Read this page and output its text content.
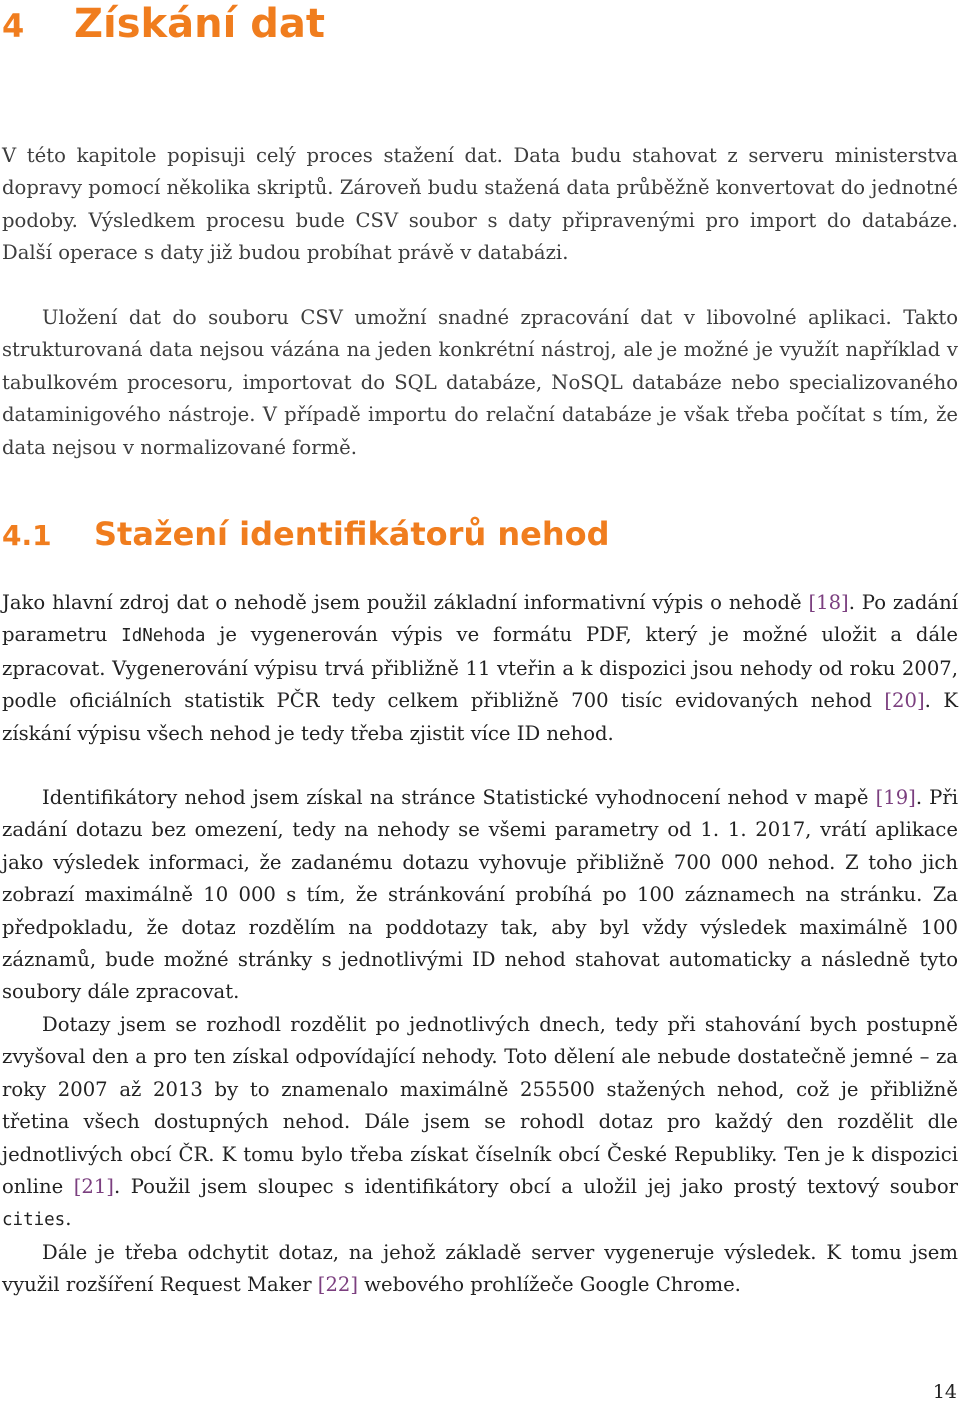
4 Získání dat

V této kapitole popisuji celý proces stažení dat. Data budu stahovat z serveru ministerstva dopravy pomocí několika skriptů. Zároveň budu stažená data průběžně konvertovat do jednotné podoby. Výsledkem procesu bude CSV soubor s daty připravenými pro import do databáze. Další operace s daty již budou probíhat právě v databázi.

Uložení dat do souboru CSV umožní snadné zpracování dat v libovolné aplikaci. Takto strukturovaná data nejsou vázána na jeden konkrétní nástroj, ale je možné je využít například v tabulkovém procesoru, importovat do SQL databáze, NoSQL databáze nebo specializovaného dataminigového nástroje. V případě importu do relační databáze je však třeba počítat s tím, že data nejsou v normalizované formě.

4.1 Stažení identifikátorů nehod

Jako hlavní zdroj dat o nehodě jsem použil základní informativní výpis o nehodě [18]. Po zadání parametru IdNehoda je vygenerován výpis ve formátu PDF, který je možné uložit a dále zpracovat. Vygenerování výpisu trvá přibližně 11 vteřin a k dispozici jsou nehody od roku 2007, podle oficiálních statistik PČR tedy celkem přibližně 700 tisíc evidovaných nehod [20]. K získání výpisu všech nehod je tedy třeba zjistit více ID nehod.

Identifikátory nehod jsem získal na stránce Statistické vyhodnocení nehod v mapě [19]. Při zadání dotazu bez omezení, tedy na nehody se všemi parametry od 1. 1. 2017, vrátí aplikace jako výsledek informaci, že zadanému dotazu vyhovuje přibližně 700 000 nehod. Z toho jich zobrazí maximálně 10 000 s tím, že stránkování probíhá po 100 záznamech na stránku. Za předpokladu, že dotaz rozdělím na poddotazy tak, aby byl vždy výsledek maximálně 100 záznamů, bude možné stránky s jednotlivými ID nehod stahovat automaticky a následně tyto soubory dále zpracovat.

Dotazy jsem se rozhodl rozdělit po jednotlivých dnech, tedy při stahování bych postupně zvyšoval den a pro ten získal odpovídající nehody. Toto dělení ale nebude dostatečně jemné – za roky 2007 až 2013 by to znamenalo maximálně 255500 stažených nehod, což je přibližně třetina všech dostupných nehod. Dále jsem se rohodl dotaz pro každý den rozdělit dle jednotlivých obcí ČR. K tomu bylo třeba získat číselník obcí České Republiky. Ten je k dispozici online [21]. Použil jsem sloupec s identifikátory obcí a uložil jej jako prostý textový soubor cities.

Dále je třeba odchytit dotaz, na jehož základě server vygeneruje výsledek. K tomu jsem využil rozšíření Request Maker [22] webového prohlížeče Google Chrome.

14
